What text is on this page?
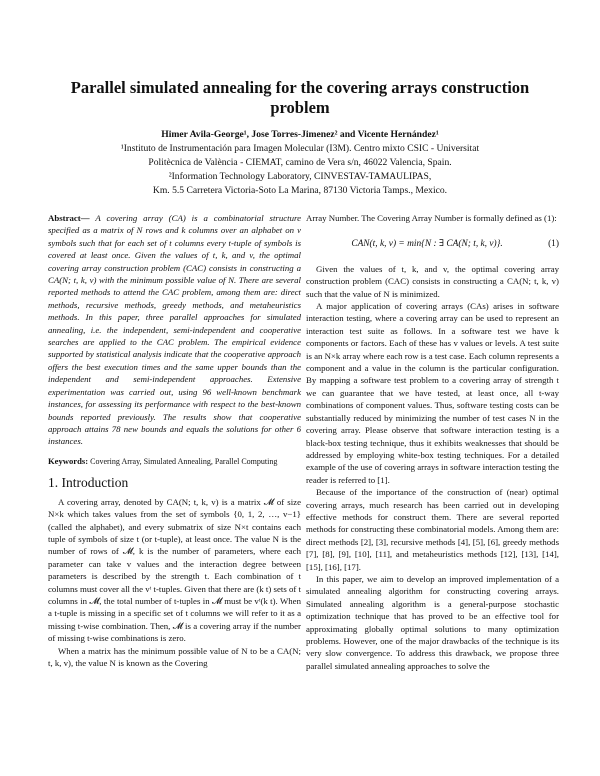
Parallel simulated annealing for the covering arrays construction problem
Himer Avila-George¹, Jose Torres-Jimenez² and Vicente Hernández¹
¹Instituto de Instrumentación para Imagen Molecular (I3M). Centro mixto CSIC - Universitat
Politècnica de València - CIEMAT, camino de Vera s/n, 46022 Valencia, Spain.
²Information Technology Laboratory, CINVESTAV-TAMAULIPAS,
Km. 5.5 Carretera Victoria-Soto La Marina, 87130 Victoria Tamps., Mexico.
Abstract— A covering array (CA) is a combinatorial structure specified as a matrix of N rows and k columns over an alphabet on v symbols such that for each set of t columns every t-tuple of symbols is covered at least once. Given the values of t, k, and v, the optimal covering array construction problem (CAC) consists in constructing a CA(N; t, k, v) with the minimum possible value of N. There are several reported methods to attend the CAC problem, among them are: direct methods, recursive methods, greedy methods, and metaheuristics methods. In this paper, three parallel approaches for simulated annealing, i.e. the independent, semi-independent and cooperative searches are applied to the CAC problem. The empirical evidence supported by statistical analysis indicate that the cooperative approach offers the best execution times and the same upper bounds than the independent and semi-independent approaches. Extensive experimentation was carried out, using 96 well-known benchmark instances, for assessing its performance with respect to the best-known bounds reported previously. The results show that cooperative approach attains 78 new bounds and equals the solutions for other 6 instances.
Keywords: Covering Array, Simulated Annealing, Parallel Computing
1. Introduction

A covering array, denoted by CA(N; t, k, v) is a matrix 𝓜 of size N×k which takes values from the set of symbols {0, 1, 2, …, v−1} (called the alphabet), and every submatrix of size N×t contains each tuple of symbols of size t (or t-tuple), at least once. The value N is the number of rows of 𝓜, k is the number of parameters, where each parameter can take v values and the interaction degree between parameters is described by the strength t. Each combination of t columns must cover all the vᵗ t-tuples. Given that there are (k t) sets of t columns in 𝓜, the total number of t-tuples in 𝓜 must be vᵗ(k t). When a t-tuple is missing in a specific set of t columns we will refer to it as a missing t-wise combination. Then, 𝓜 is a covering array if the number of missing t-wise combinations is zero.

When a matrix has the minimum possible value of N to be a CA(N; t, k, v), the value N is known as the Covering

Array Number. The Covering Array Number is formally defined as (1):

CAN(t, k, v) = min{N : ∃ CA(N; t, k, v)}.	(1)

Given the values of t, k, and v, the optimal covering array construction problem (CAC) consists in constructing a CA(N; t, k, v) such that the value of N is minimized.

A major application of covering arrays (CAs) arises in software interaction testing, where a covering array can be used to represent an interaction test suite as follows. In a software test we have k components or factors. Each of these has v values or levels. A test suite is an N×k array where each row is a test case. Each column represents a component and a value in the column is the particular configuration. By mapping a software test problem to a covering array of strength t we can guarantee that we have tested, at least once, all t-way combinations of component values. Thus, software testing costs can be substantially reduced by minimizing the number of test cases N in the covering array. Please observe that software interaction testing is a black-box testing technique, thus it exhibits weaknesses that should be addressed by employing white-box testing techniques. For a detailed example of the use of covering arrays in software interaction testing the reader is referred to [1].

Because of the importance of the construction of (near) optimal covering arrays, much research has been carried out in developing effective methods for construct them. There are several reported methods for constructing these combinatorial models. Among them are: direct methods [2], [3], recursive methods [4], [5], [6], greedy methods [7], [8], [9], [10], [11], and metaheuristics methods [12], [13], [14], [15], [16], [17].

In this paper, we aim to develop an improved implementation of a simulated annealing algorithm for constructing covering arrays. Simulated annealing algorithm is a general-purpose stochastic optimization technique that has proved to be an effective tool for approximating globally optimal solutions to many optimization problems. However, one of the major drawbacks of the technique is its very slow convergence. To address this drawback, we propose three parallel simulated annealing approaches to solve the
